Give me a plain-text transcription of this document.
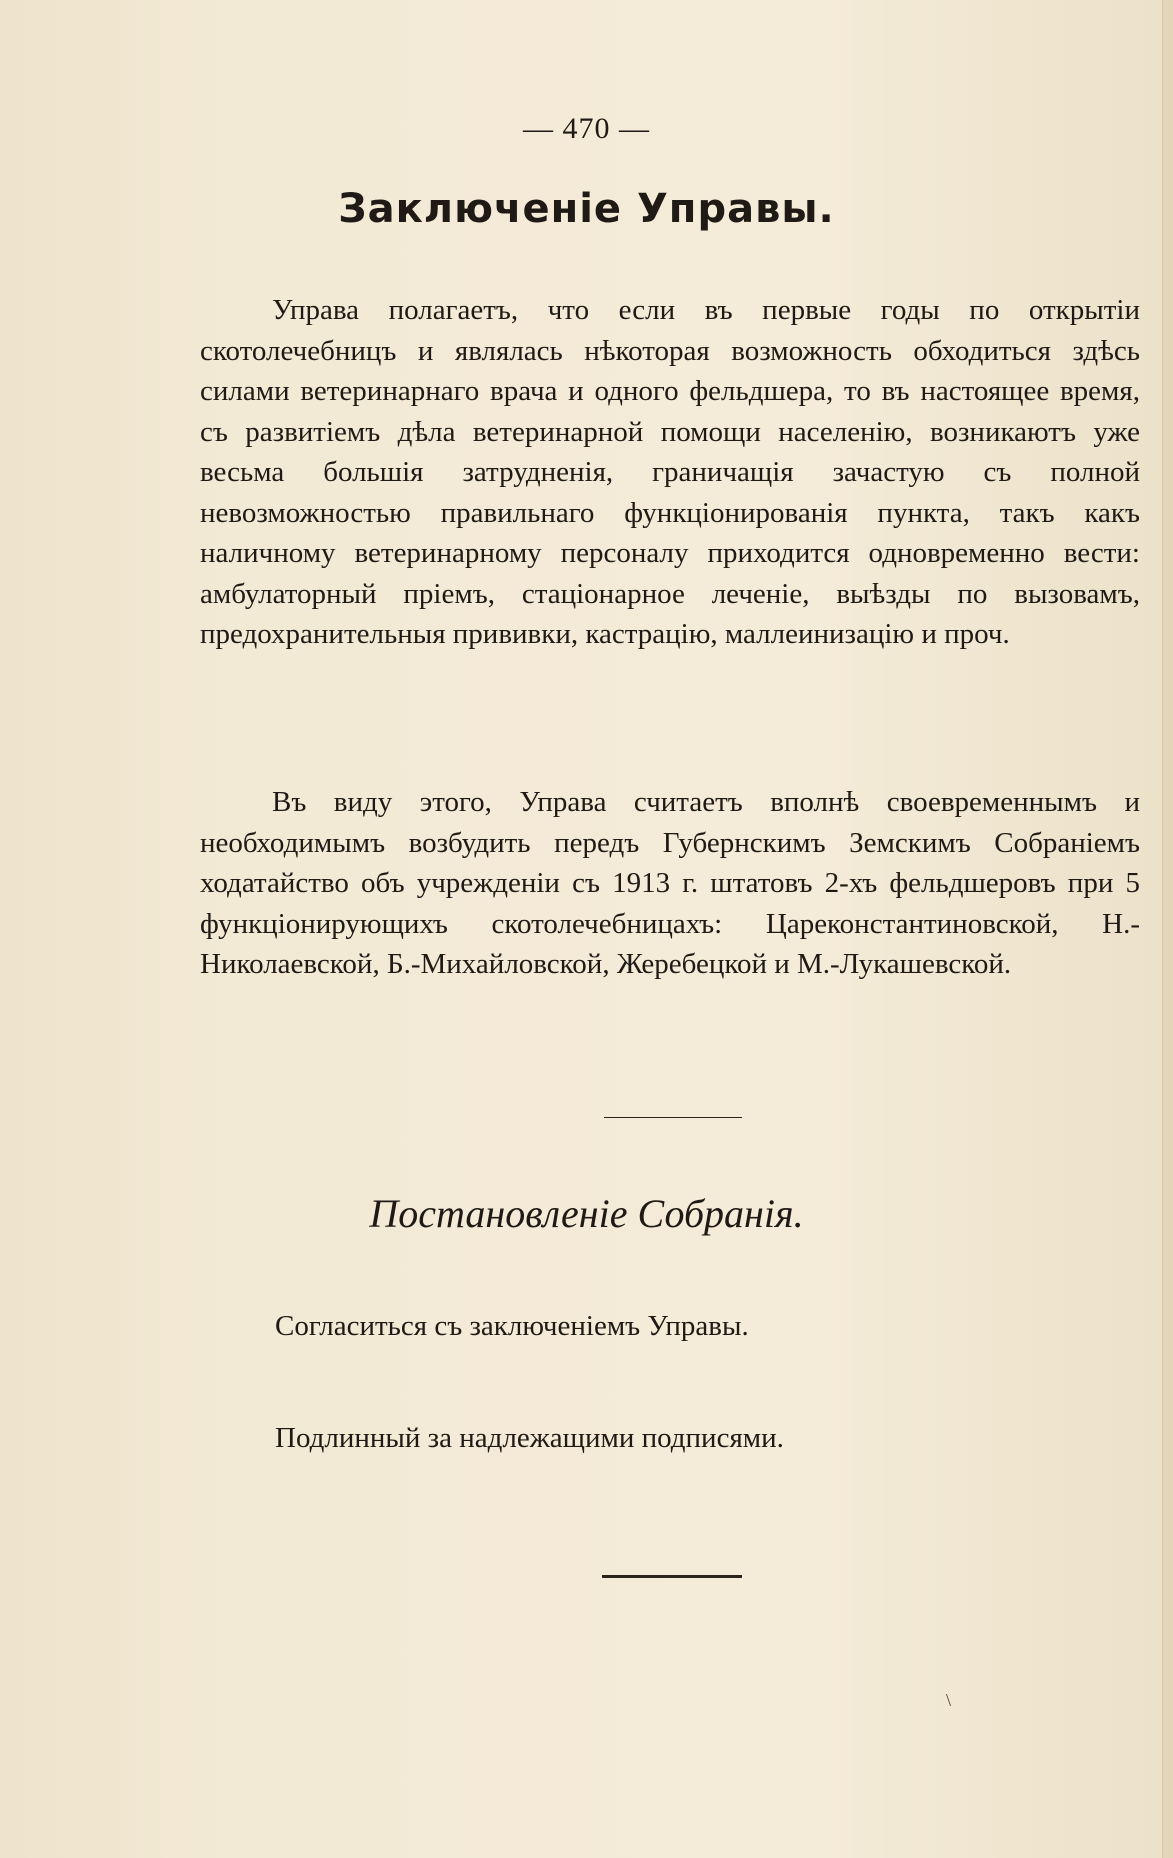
— 470 —
Заключеніе Управы.

Управа полагаетъ, что если въ первые годы по открытіи скотолечебницъ и являлась нѣкоторая возможность обходиться здѣсь силами ветеринарнаго врача и одного фельдшера, то въ настоящее время, съ развитіемъ дѣла ветеринарной помощи населенію, возникаютъ уже весьма большія затрудненія, граничащія зачастую съ полной невозможностью правильнаго функціонированія пункта, такъ какъ наличному ветеринарному персоналу приходится одновременно вести: амбулаторный пріемъ, стаціонарное леченіе, выѣзды по вызовамъ, предохранительныя прививки, кастрацію, маллеинизацію и проч.

Въ виду этого, Управа считаетъ вполнѣ своевременнымъ и необходимымъ возбудить передъ Губернскимъ Земскимъ Собраніемъ ходатайство объ учрежденіи съ 1913 г. штатовъ 2-хъ фельдшеровъ при 5 функціонирующихъ скотолечебницахъ: Цареконстантиновской, Н.-Николаевской, Б.-Михайловской, Жеребецкой и М.-Лукашевской.

Постановленіе Собранія.
Согласиться съ заключеніемъ Управы.
Подлинный за надлежащими подписями.
\
